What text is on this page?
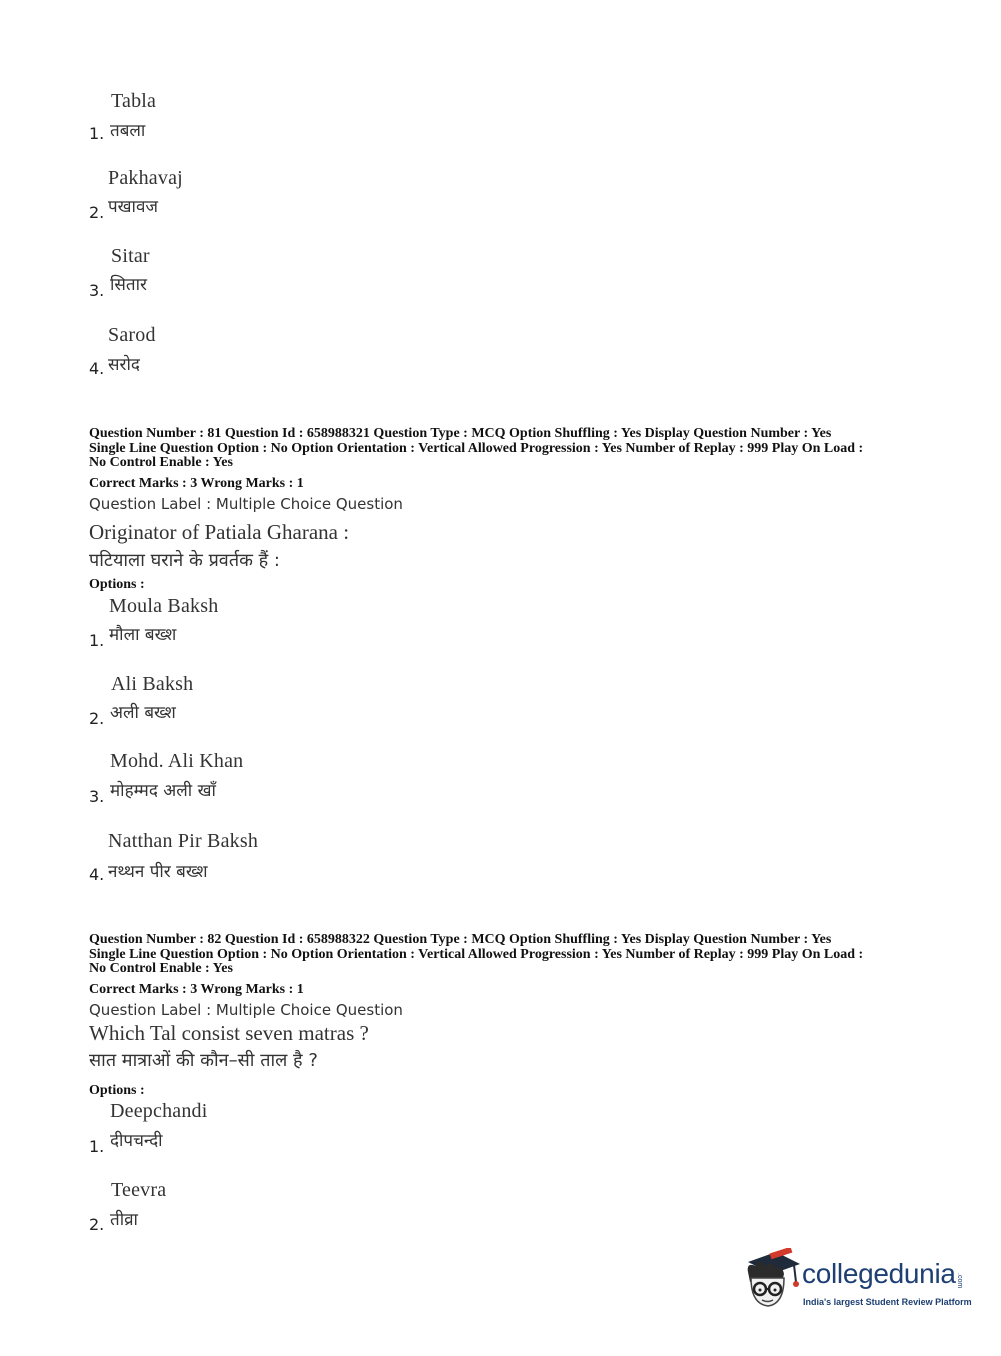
Tabla
1. तबला
Pakhavaj
2. पखावज
Sitar
3. सितार
Sarod
4. सरोद
Question Number : 81 Question Id : 658988321 Question Type : MCQ Option Shuffling : Yes Display Question Number : Yes
Single Line Question Option : No Option Orientation : Vertical Allowed Progression : Yes Number of Replay : 999 Play On Load :
No Control Enable : Yes
Correct Marks : 3 Wrong Marks : 1
Question Label : Multiple Choice Question
Originator of Patiala Gharana :
पटियाला घराने के प्रवर्तक हैं :
Options :
Moula Baksh
1. मौला बख्श
Ali Baksh
2. अली बख्श
Mohd. Ali Khan
3. मोहम्मद अली खाँ
Natthan Pir Baksh
4. नथ्थन पीर बख्श
Question Number : 82 Question Id : 658988322 Question Type : MCQ Option Shuffling : Yes Display Question Number : Yes
Single Line Question Option : No Option Orientation : Vertical Allowed Progression : Yes Number of Replay : 999 Play On Load :
No Control Enable : Yes
Correct Marks : 3 Wrong Marks : 1
Question Label : Multiple Choice Question
Which Tal consist seven matras ?
सात मात्राओं की कौन–सी ताल है ?
Options :
Deepchandi
1. दीपचन्दी
Teevra
2. तीव्रा
collegedunia .com
India's largest Student Review Platform
